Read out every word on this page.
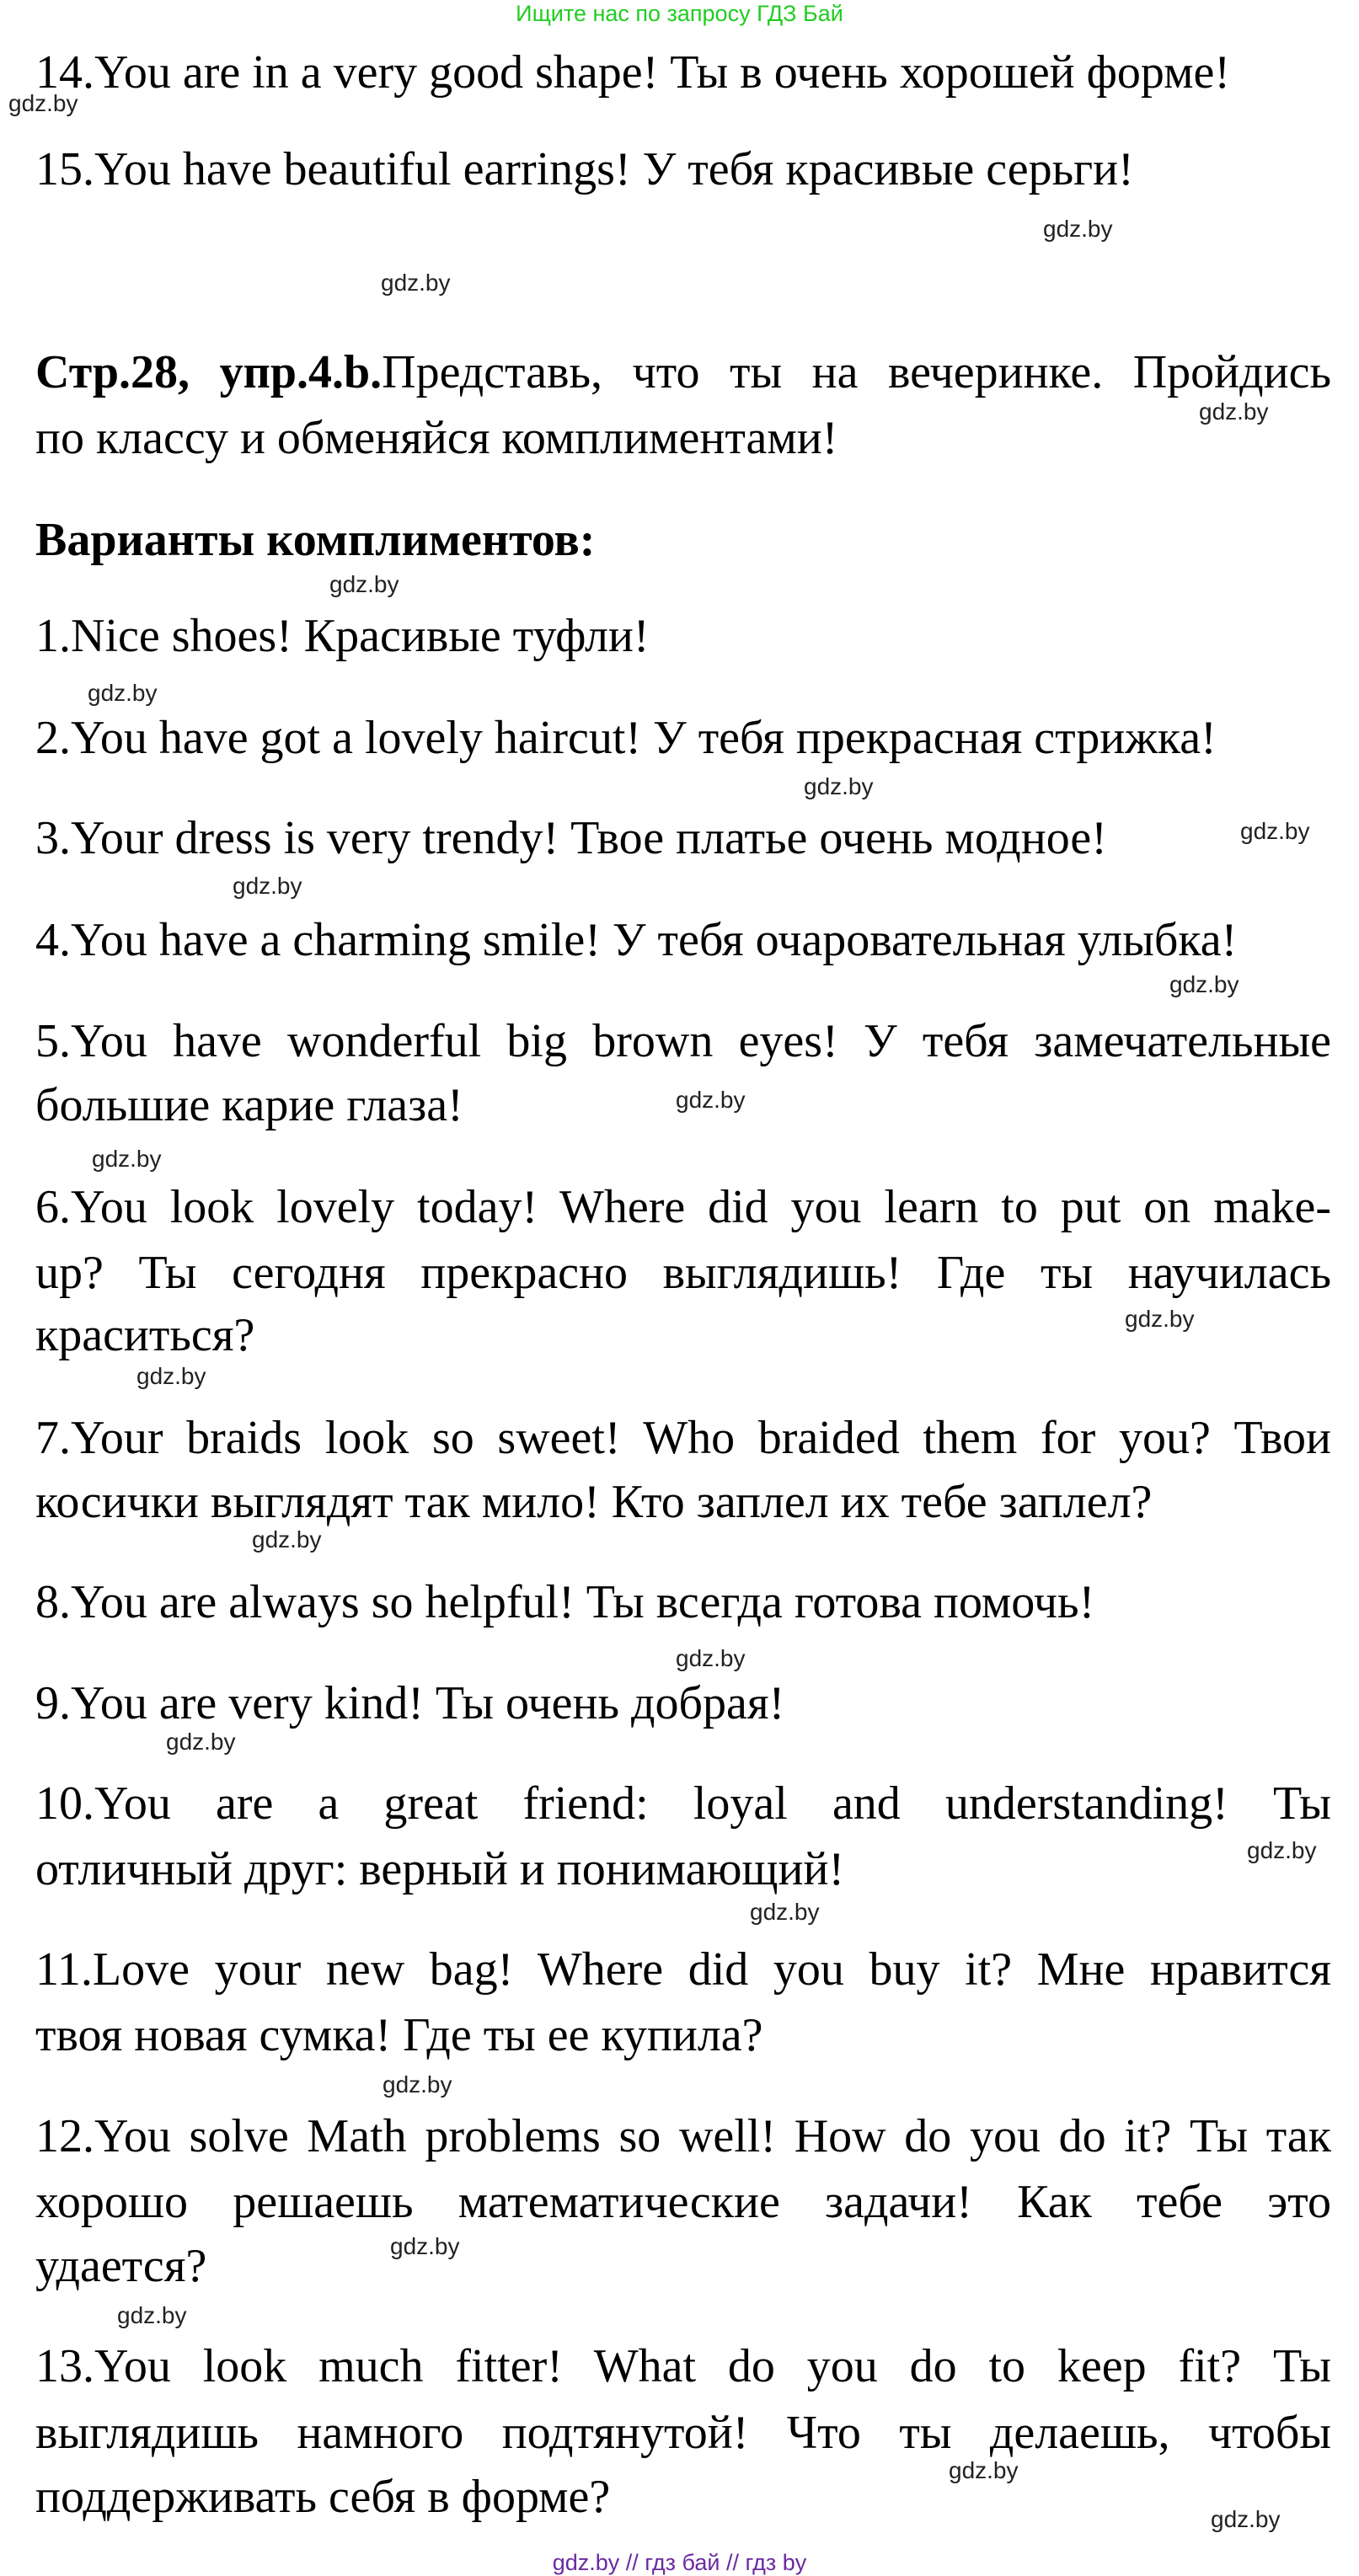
Ищите нас по запросу ГДЗ Бай
14.You are in a very good shape! Ты в очень хорошей форме!
15.You have beautiful earrings! У тебя красивые серьги!
Стр.28, упр.4.b.Представь, что ты на вечеринке. Пройдись
по классу и обменяйся комплиментами!
Варианты комплиментов:
1.Nice shoes! Красивые туфли!
2.You have got a lovely haircut! У тебя прекрасная стрижка!
3.Your dress is very trendy! Твое платье очень модное!
4.You have a charming smile! У тебя очаровательная улыбка!
5.You have wonderful big brown eyes! У тебя замечательные
большие карие глаза!
6.You look lovely today! Where did you learn to put on make-
up? Ты сегодня прекрасно выглядишь! Где ты научилась
краситься?
7.Your braids look so sweet! Who braided them for you? Твои
косички выглядят так мило! Кто заплел их тебе заплел?
8.You are always so helpful! Ты всегда готова помочь!
9.You are very kind! Ты очень добрая!
10.You are a great friend: loyal and understanding! Ты
отличный друг: верный и понимающий!
11.Love your new bag! Where did you buy it? Мне нравится
твоя новая сумка! Где ты ее купила?
12.You solve Math problems so well! How do you do it? Ты так
хорошо решаешь математические задачи! Как тебе это
удается?
13.You look much fitter! What do you do to keep fit? Ты
выглядишь намного подтянутой! Что ты делаешь, чтобы
поддерживать себя в форме?
gdz.by
gdz.by
gdz.by
gdz.by
gdz.by
gdz.by
gdz.by
gdz.by
gdz.by
gdz.by
gdz.by
gdz.by
gdz.by
gdz.by
gdz.by
gdz.by
gdz.by
gdz.by
gdz.by
gdz.by
gdz.by
gdz.by
gdz.by
gdz.by
gdz.by // гдз бай // гдз by
